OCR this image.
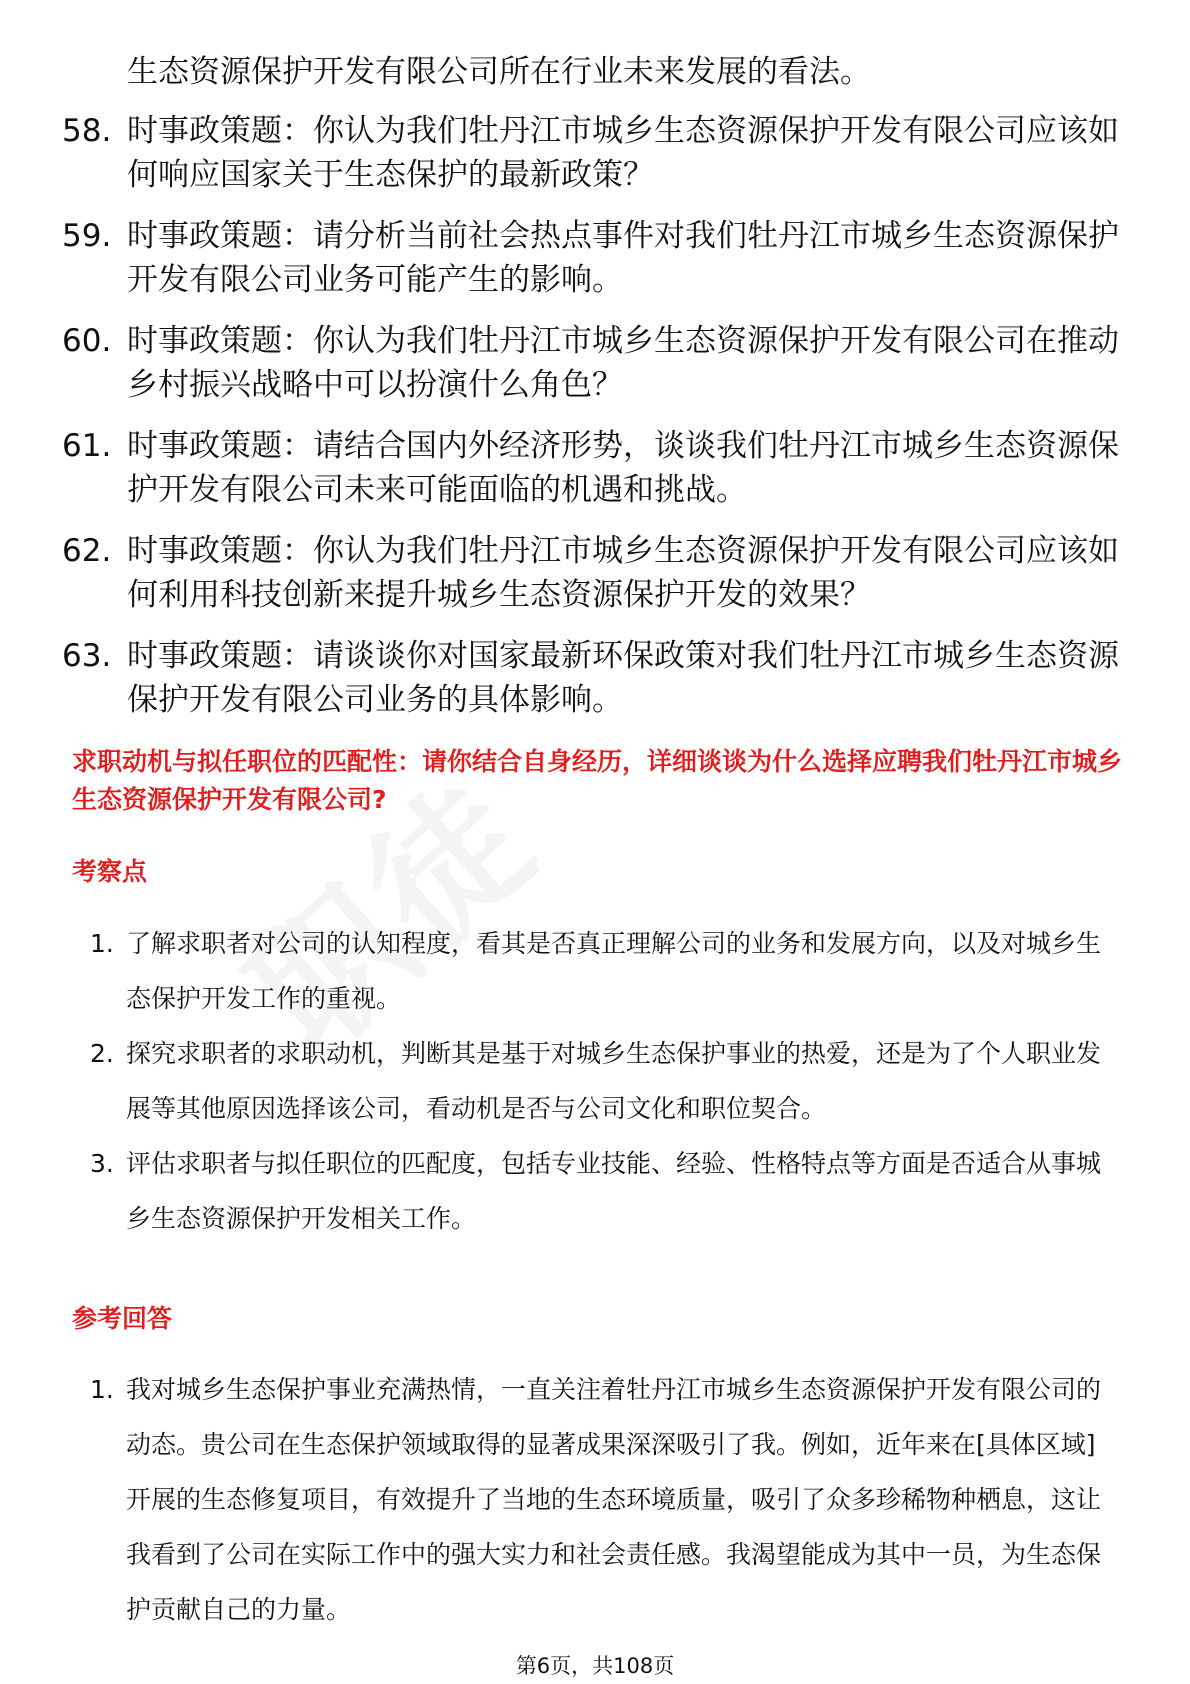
生态资源保护开发有限公司所在行业未来发展的看法。
58. 时事政策题：你认为我们牡丹江市城乡生态资源保护开发有限公司应该如何响应国家关于生态保护的最新政策？
59. 时事政策题：请分析当前社会热点事件对我们牡丹江市城乡生态资源保护开发有限公司业务可能产生的影响。
60. 时事政策题：你认为我们牡丹江市城乡生态资源保护开发有限公司在推动乡村振兴战略中可以扮演什么角色？
61. 时事政策题：请结合国内外经济形势，谈谈我们牡丹江市城乡生态资源保护开发有限公司未来可能面临的机遇和挑战。
62. 时事政策题：你认为我们牡丹江市城乡生态资源保护开发有限公司应该如何利用科技创新来提升城乡生态资源保护开发的效果？
63. 时事政策题：请谈谈你对国家最新环保政策对我们牡丹江市城乡生态资源保护开发有限公司业务的具体影响。
求职动机与拟任职位的匹配性：请你结合自身经历，详细谈谈为什么选择应聘我们牡丹江市城乡生态资源保护开发有限公司?
考察点
1. 了解求职者对公司的认知程度，看其是否真正理解公司的业务和发展方向，以及对城乡生态保护开发工作的重视。
2. 探究求职者的求职动机，判断其是基于对城乡生态保护事业的热爱，还是为了个人职业发展等其他原因选择该公司，看动机是否与公司文化和职位契合。
3. 评估求职者与拟任职位的匹配度，包括专业技能、经验、性格特点等方面是否适合从事城乡生态资源保护开发相关工作。
参考回答
1. 我对城乡生态保护事业充满热情，一直关注着牡丹江市城乡生态资源保护开发有限公司的动态。贵公司在生态保护领域取得的显著成果深深吸引了我。例如，近年来在[具体区域]开展的生态修复项目，有效提升了当地的生态环境质量，吸引了众多珍稀物种栖息，这让我看到了公司在实际工作中的强大实力和社会责任感。我渴望能成为其中一员，为生态保护贡献自己的力量。
第6页，共108页
